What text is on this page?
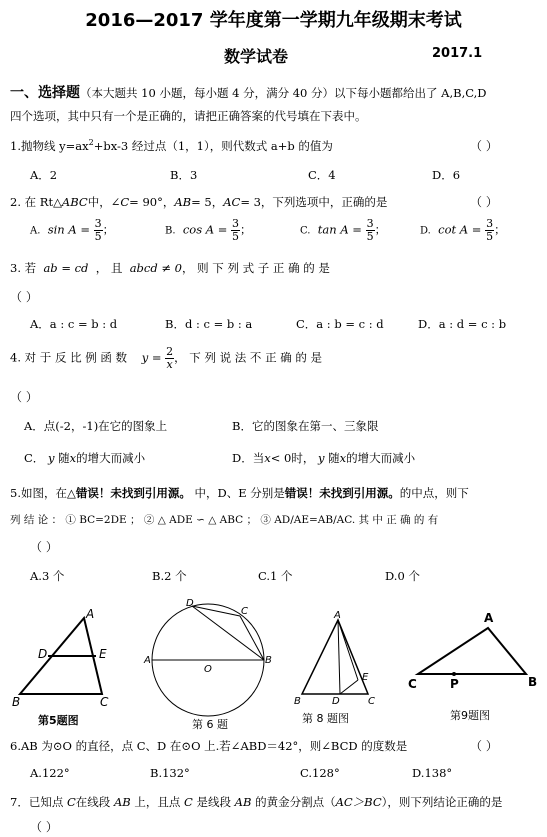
2016—2017 学年度第一学期九年级期末考试
数学试卷	2017.1
一、选择题（本大题共 10 小题，每小题 4 分，满分 40 分）以下每小题都给出了 A,B,C,D
四个选项，其中只有一个是正确的，请把正确答案的代号填在下表中。
1.抛物线 $y=ax^2+bx-3$ 经过点（1，1），则代数式 a+b 的值为	（ ）
A．2	B．3	C．4	D．6
2. 在 Rt△ABC中，∠C= 90°，AB= 5，AC= 3，下列选项中，正确的是	（ ）
A. $\sin A = \frac{3}{5}$ ；	B. $\cos A = \frac{3}{5}$ ；	C. $\tan A = \frac{3}{5}$ ；	D. $\cot A = \frac{3}{5}$ ；
3. 若 ab = cd ， 且 abcd ≠ 0， 则 下 列 式 子 正 确 的 是
（ ）
A．a : c = b : d	B．d : c = b : a	C．a : b = c : d	D．a : d = c : b
4. 对 于 反 比 例 函 数 $y = \frac{2}{x}$ ， 下 列 说 法 不 正 确 的 是
（ ）
A．点(-2，-1)在它的图象上	B．它的图象在第一、三象限
C． y 随x的增大而减小	D．当x< 0时， y 随x的增大而减小
5.如图，在△错误！未找到引用源。 中，D、E 分别是错误！未找到引用源。的中点，则下
列 结 论 ： ① BC=2DE ； ② △ ADE ∽ △ ABC ； ③ AD/AE=AB/AC. 其 中 正 确 的 有
（ ）
A.3 个	B.2 个	C.1 个	D.0 个
A
D	E
B	C
第5题图
D
C
A
O
B
第 6 题
A
E
B	D	C
第 8 题图
A
C	P	B
第9题图
6.AB 为⊙O 的直径，点 C、D 在⊙O 上.若∠ABD＝42°，则∠BCD 的度数是	（ ）
A.122°	B.132°	C.128°	D.138°
7．已知点 C在线段 AB 上，且点 C 是线段 AB 的黄金分割点（AC＞BC），则下列结论正确的是
（ ）
